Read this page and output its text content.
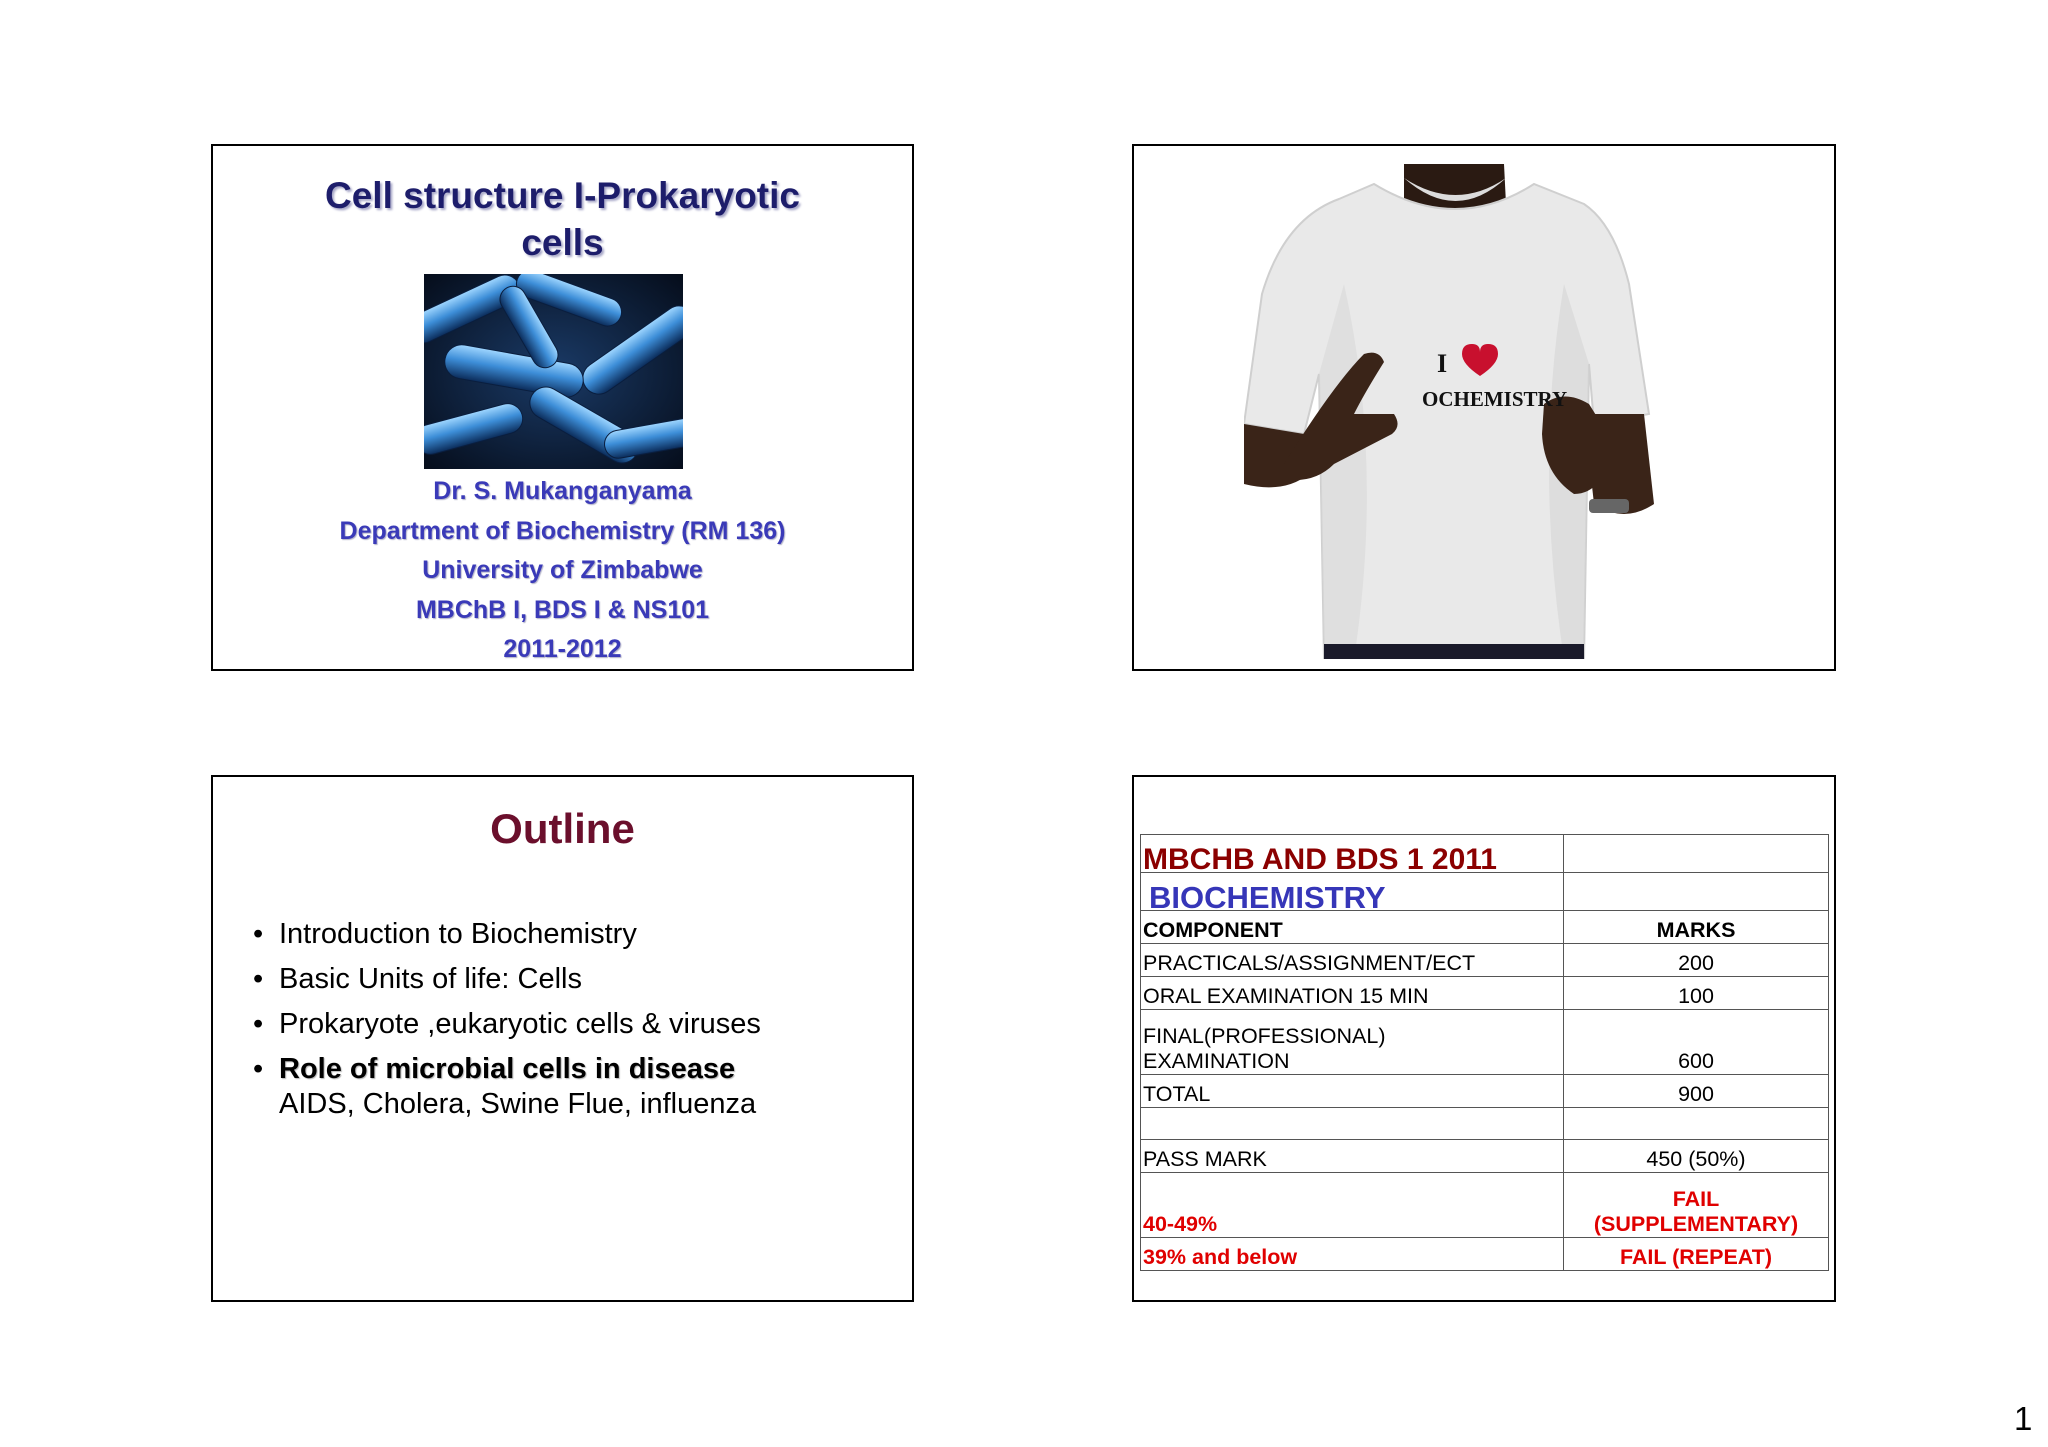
Cell structure I-Prokaryotic
cells
Dr. S. Mukanganyama
Department of Biochemistry (RM 136)
University of Zimbabwe
MBChB I, BDS I & NS101
2011-2012
I
OCHEMISTRY
Outline
• Introduction to Biochemistry
• Basic Units of life: Cells
• Prokaryote ,eukaryotic cells & viruses
• Role of microbial cells in disease
AIDS, Cholera, Swine Flue, influenza
MBCHB AND BDS 1 2011	
BIOCHEMISTRY	
COMPONENT	MARKS
PRACTICALS/ASSIGNMENT/ECT	200
ORAL EXAMINATION 15 MIN	100
FINAL(PROFESSIONAL)
EXAMINATION	600
TOTAL	900

PASS MARK	450 (50%)
40-49%	FAIL
(SUPPLEMENTARY)
39% and below	FAIL (REPEAT)
1
